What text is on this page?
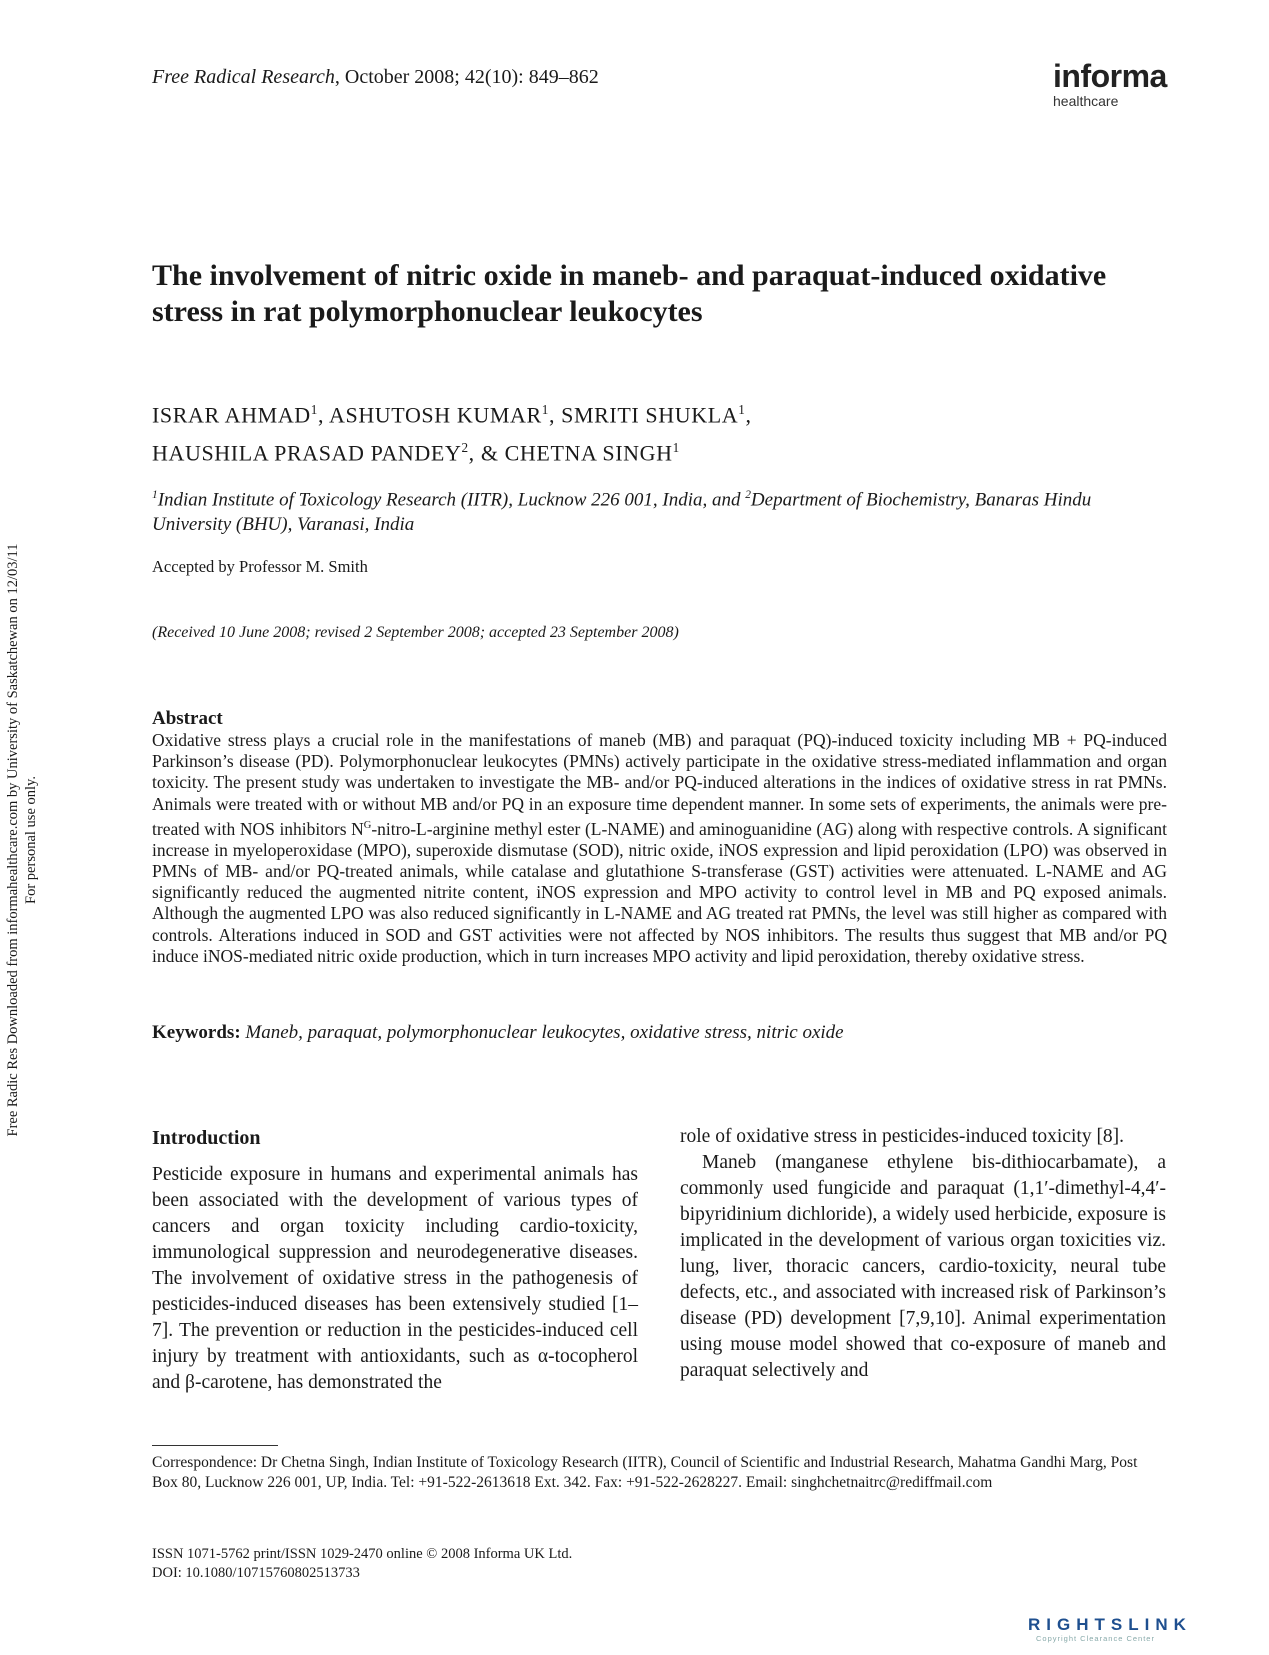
Free Radical Research, October 2008; 42(10): 849–862	informa
healthcare
Free Radic Res Downloaded from informahealthcare.com by University of Saskatchewan on 12/03/11 For personal use only.
The involvement of nitric oxide in maneb- and paraquat-induced oxidative stress in rat polymorphonuclear leukocytes
ISRAR AHMAD$^1$, ASHUTOSH KUMAR$^1$, SMRITI SHUKLA$^1$,
HAUSHILA PRASAD PANDEY$^2$, & CHETNA SINGH$^1$
$^1$Indian Institute of Toxicology Research (IITR), Lucknow 226 001, India, and $^2$Department of Biochemistry, Banaras Hindu University (BHU), Varanasi, India
Accepted by Professor M. Smith
(Received 10 June 2008; revised 2 September 2008; accepted 23 September 2008)
Abstract
Oxidative stress plays a crucial role in the manifestations of maneb (MB) and paraquat (PQ)-induced toxicity including MB + PQ-induced Parkinson’s disease (PD). Polymorphonuclear leukocytes (PMNs) actively participate in the oxidative stress-mediated inflammation and organ toxicity. The present study was undertaken to investigate the MB- and/or PQ-induced alterations in the indices of oxidative stress in rat PMNs. Animals were treated with or without MB and/or PQ in an exposure time dependent manner. In some sets of experiments, the animals were pre-treated with NOS inhibitors $N^G-nitro-L$-arginine methyl ester (L-NAME) and aminoguanidine (AG) along with respective controls. A significant increase in myeloperoxidase (MPO), superoxide dismutase (SOD), nitric oxide, iNOS expression and lipid peroxidation (LPO) was observed in PMNs of MB- and/or PQ-treated animals, while catalase and glutathione S-transferase (GST) activities were attenuated. L-NAME and AG significantly reduced the augmented nitrite content, iNOS expression and MPO activity to control level in MB and PQ exposed animals. Although the augmented LPO was also reduced significantly in L-NAME and AG treated rat PMNs, the level was still higher as compared with controls. Alterations induced in SOD and GST activities were not affected by NOS inhibitors. The results thus suggest that MB and/or PQ induce iNOS-mediated nitric oxide production, which in turn increases MPO activity and lipid peroxidation, thereby oxidative stress.
Keywords: Maneb, paraquat, polymorphonuclear leukocytes, oxidative stress, nitric oxide
Introduction

Pesticide exposure in humans and experimental animals has been associated with the development of various types of cancers and organ toxicity including cardio-toxicity, immunological suppression and neurodegenerative diseases. The involvement of oxidative stress in the pathogenesis of pesticides-induced diseases has been extensively studied [1–7]. The prevention or reduction in the pesticides-induced cell injury by treatment with antioxidants, such as α-tocopherol and β-carotene, has demonstrated the

role of oxidative stress in pesticides-induced toxicity [8].

Maneb (manganese ethylene bis-dithiocarbamate), a commonly used fungicide and paraquat (1,1′-dimethyl-4,4′-bipyridinium dichloride), a widely used herbicide, exposure is implicated in the development of various organ toxicities viz. lung, liver, thoracic cancers, cardio-toxicity, neural tube defects, etc., and associated with increased risk of Parkinson’s disease (PD) development [7,9,10]. Animal experimentation using mouse model showed that co-exposure of maneb and paraquat selectively and

Correspondence: Dr Chetna Singh, Indian Institute of Toxicology Research (IITR), Council of Scientific and Industrial Research, Mahatma Gandhi Marg, Post Box 80, Lucknow 226 001, UP, India. Tel: +91-522-2613618 Ext. 342. Fax: +91-522-2628227. Email: singhchetnaitrc@rediffmail.com
ISSN 1071-5762 print/ISSN 1029-2470 online © 2008 Informa UK Ltd.
DOI: 10.1080/10715760802513733
RIGHTSLINK
Copyright Clearance Center
